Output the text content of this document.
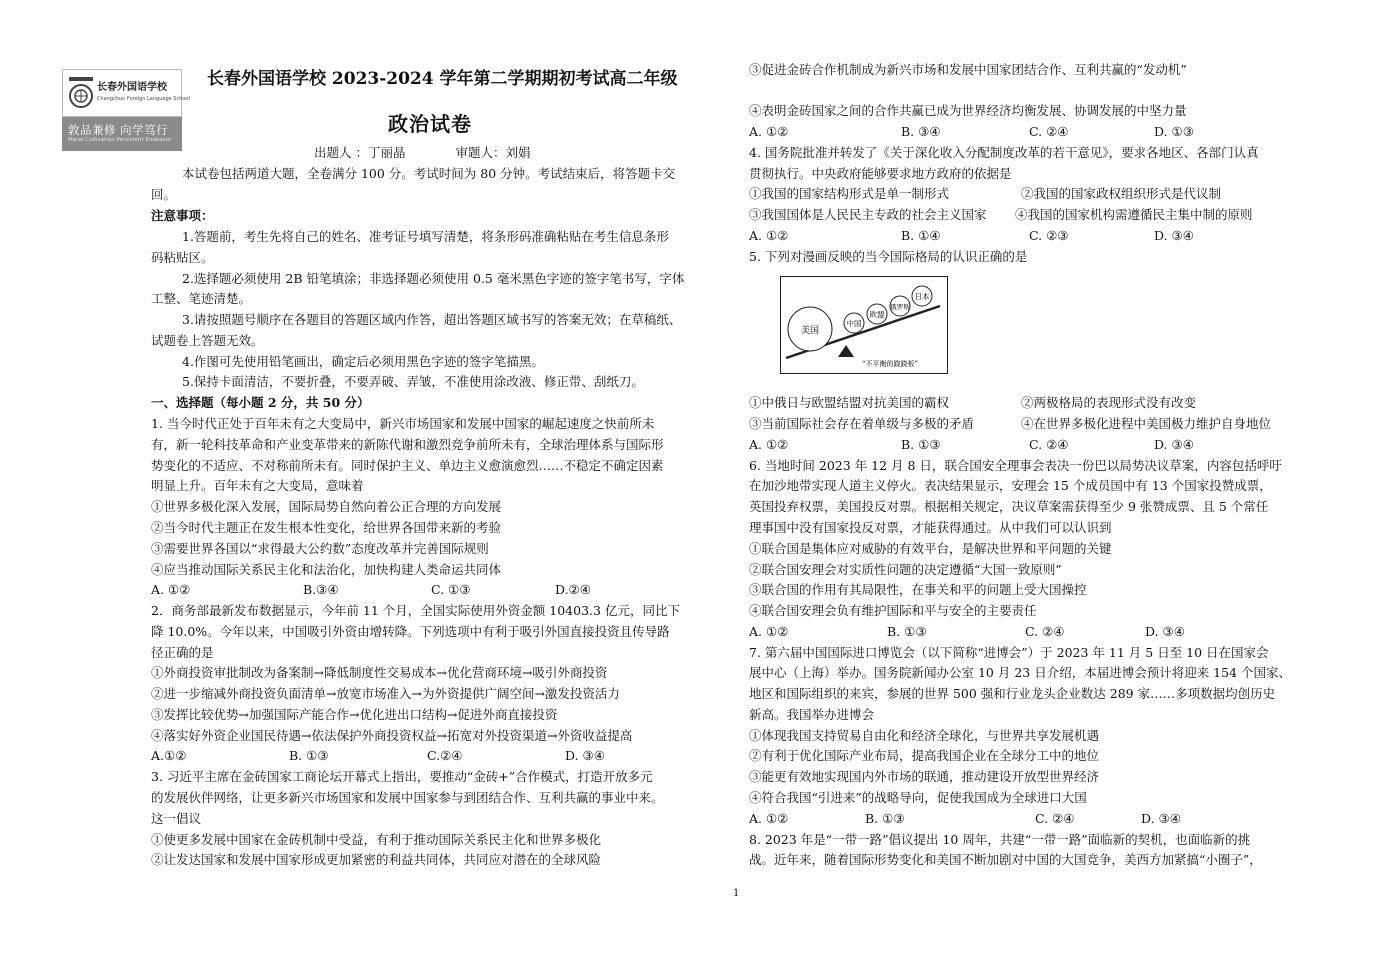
长春外国语学校
Changchun Foreign Language School
敦品兼修 向学笃行
Moral Cultivation Persistent Endeavor
长春外国语学校 2023-2024 学年第二学期期初考试高二年级
政治试卷
出题人 ：丁丽晶　　　　审题人：刘娟
本试卷包括两道大题，全卷满分 100 分。考试时间为 80 分钟。考试结束后，将答题卡交
回。
注意事项：
1.答题前，考生先将自己的姓名、准考证号填写清楚，将条形码准确粘贴在考生信息条形
码粘贴区。
2.选择题必须使用 2B 铅笔填涂；非选择题必须使用 0.5 毫米黑色字迹的签字笔书写，字体
工整、笔迹清楚。
3.请按照题号顺序在各题目的答题区域内作答，超出答题区域书写的答案无效；在草稿纸、
试题卷上答题无效。
4.作图可先使用铅笔画出，确定后必须用黑色字迹的签字笔描黑。
5.保持卡面清洁，不要折叠，不要弄破、弄皱，不准使用涂改液、修正带、刮纸刀。
一、选择题（每小题 2 分，共 50 分）
1. 当今时代正处于百年未有之大变局中，新兴市场国家和发展中国家的崛起速度之快前所未
有，新一轮科技革命和产业变革带来的新陈代谢和激烈竞争前所未有，全球治理体系与国际形
势变化的不适应、不对称前所未有。同时保护主义、单边主义愈演愈烈……不稳定不确定因素
明显上升。百年未有之大变局，意味着
①世界多极化深入发展，国际局势自然向着公正合理的方向发展
②当今时代主题正在发生根本性变化，给世界各国带来新的考验
③需要世界各国以“求得最大公约数”态度改革并完善国际规则
④应当推动国际关系民主化和法治化，加快构建人类命运共同体
A. ①②	B.③④	C. ①③	D.②④
2．商务部最新发布数据显示，今年前 11 个月，全国实际使用外资金额 10403.3 亿元，同比下
降 10.0%。今年以来，中国吸引外资由增转降。下列选项中有利于吸引外国直接投资且传导路
径正确的是
①外商投资审批制改为备案制→降低制度性交易成本→优化营商环境→吸引外商投资
②进一步缩减外商投资负面清单→放宽市场准入→为外资提供广阔空间→激发投资活力
③发挥比较优势→加强国际产能合作→优化进出口结构→促进外商直接投资
④落实好外资企业国民待遇→依法保护外商投资权益→拓宽对外投资渠道→外资收益提高
A.①②	B. ①③	C.②④	D. ③④
3. 习近平主席在金砖国家工商论坛开幕式上指出，要推动“金砖+”合作模式，打造开放多元
的发展伙伴网络，让更多新兴市场国家和发展中国家参与到团结合作、互利共赢的事业中来。
这一倡议
①使更多发展中国家在金砖机制中受益，有利于推动国际关系民主化和世界多极化
②让发达国家和发展中国家形成更加紧密的利益共同体，共同应对潜在的全球风险
③促进金砖合作机制成为新兴市场和发展中国家团结合作、互利共赢的“发动机”
④表明金砖国家之间的合作共赢已成为世界经济均衡发展、协调发展的中坚力量
A. ①②	B. ③④	C. ②④	D. ①③
4. 国务院批准并转发了《关于深化收入分配制度改革的若干意见》，要求各地区、各部门认真
贯彻执行。中央政府能够要求地方政府的依据是
①我国的国家结构形式是单一制形式	②我国的国家政权组织形式是代议制
③我国国体是人民民主专政的社会主义国家 ④我国的国家机构需遵循民主集中制的原则
A. ①②	B. ①④	C. ②③	D. ③④
5. 下列对漫画反映的当今国际格局的认识正确的是
美国
中国
欧盟
俄罗斯
日本
“不平衡的跷跷板”
①中俄日与欧盟结盟对抗美国的霸权	②两极格局的表现形式没有改变
③当前国际社会存在着单级与多极的矛盾	④在世界多极化进程中美国极力维护自身地位
A. ①②	B. ①③	C. ②④	D. ③④
6. 当地时间 2023 年 12 月 8 日，联合国安全理事会表决一份巴以局势决议草案，内容包括呼吁
在加沙地带实现人道主义停火。表决结果显示，安理会 15 个成员国中有 13 个国家投赞成票，
英国投弃权票，美国投反对票。根据相关规定，决议草案需获得至少 9 张赞成票、且 5 个常任
理事国中没有国家投反对票，才能获得通过。从中我们可以认识到
①联合国是集体应对威胁的有效平台，是解决世界和平问题的关键
②联合国安理会对实质性问题的决定遵循“大国一致原则”
③联合国的作用有其局限性，在事关和平的问题上受大国操控
④联合国安理会负有维护国际和平与安全的主要责任
A. ①②	B. ①③	C. ②④	D. ③④
7. 第六届中国国际进口博览会（以下简称“进博会”）于 2023 年 11 月 5 日至 10 日在国家会
展中心（上海）举办。国务院新闻办公室 10 月 23 日介绍，本届进博会预计将迎来 154 个国家、
地区和国际组织的来宾，参展的世界 500 强和行业龙头企业数达 289 家……多项数据均创历史
新高。我国举办进博会
①体现我国支持贸易自由化和经济全球化，与世界共享发展机遇
②有利于优化国际产业布局，提高我国企业在全球分工中的地位
③能更有效地实现国内外市场的联通，推动建设开放型世界经济
④符合我国“引进来”的战略导向，促使我国成为全球进口大国
A. ①②	B. ①③	C. ②④	D. ③④
8. 2023 年是“一带一路”倡议提出 10 周年，共建“一带一路”面临新的契机，也面临新的挑
战。近年来，随着国际形势变化和美国不断加剧对中国的大国竞争，美西方加紧搞“小圈子”，
1
